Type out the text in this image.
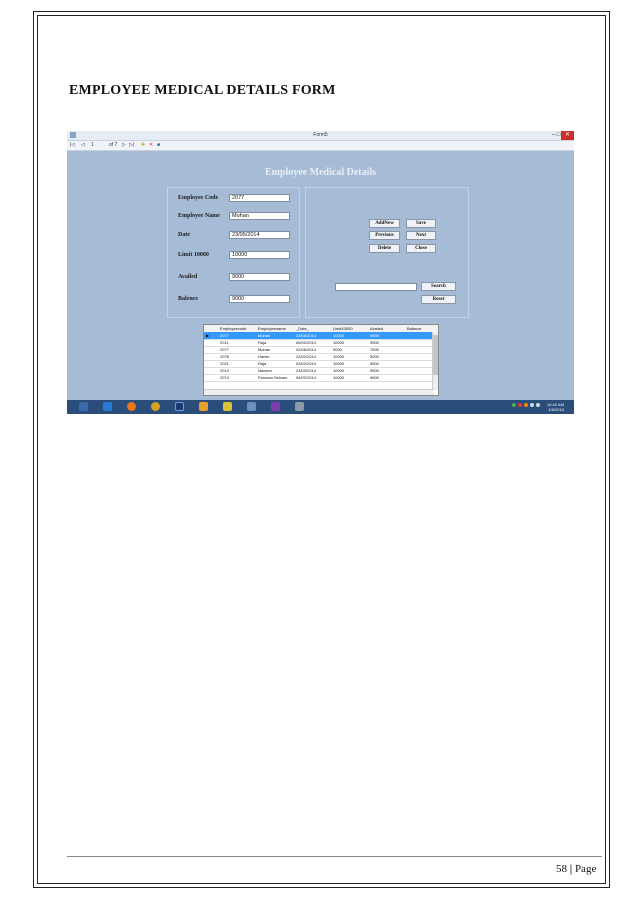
EMPLOYEE MEDICAL DETAILS FORM
Form5	– □ ✕
|◁ ◁ 1	of 7 ▷ ▷| ✚ ✕ ■
Employee Medical Details
Employee Code	2077
Employee Name	Mohan
Date	23/05/2014
Limit 10000	10000
Availed	9000
Balence	9000
AddNew	Save
Previous	Next
Delete	Close
Search
Reset
Employeecode	Employeename	_Date_	Limit10000	Availed	Balance
▶	2077	Mohan	23/05/2014	10000	9000
2011	Raja	06/02/2014	10000	9500
2077	Mohan	02/06/2014	9000	7500
2078	Harish	22/02/2014	10000	5000
2021	Raja	03/02/2014	10000	9500
2013	Naveen	23/03/2014	10000	9500
2074	Ponnam Selvam	04/02/2014	10000	9600
10:42 AM
1/6/2015
58 | Page
